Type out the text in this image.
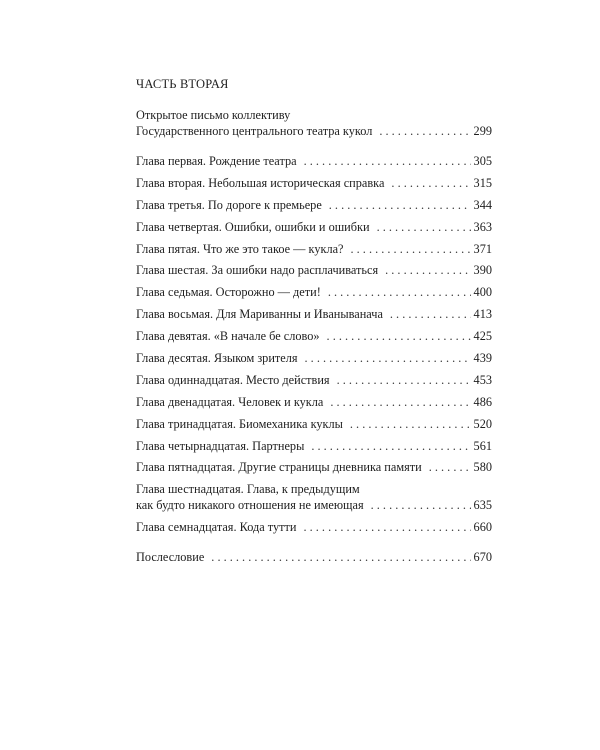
ЧАСТЬ ВТОРАЯ
Открытое письмо коллективу
Государственного центрального театра кукол . . .	299
Глава первая. Рождение театра . . .	305
Глава вторая. Небольшая историческая справка . . .	315
Глава третья. По дороге к премьере . . .	344
Глава четвертая. Ошибки, ошибки и ошибки . . .	363
Глава пятая. Что же это такое — кукла? . . .	371
Глава шестая. За ошибки надо расплачиваться . . .	390
Глава седьмая. Осторожно — дети! . . .	400
Глава восьмая. Для Мариванны и Иваныванача . . .	413
Глава девятая. «В начале бе слово» . . .	425
Глава десятая. Языком зрителя . . .	439
Глава одиннадцатая. Место действия . . .	453
Глава двенадцатая. Человек и кукла . . .	486
Глава тринадцатая. Биомеханика куклы . . .	520
Глава четырнадцатая. Партнеры . . .	561
Глава пятнадцатая. Другие страницы дневника памяти . . .	580
Глава шестнадцатая. Глава, к предыдущим
как будто никакого отношения не имеющая . . .	635
Глава семнадцатая. Кода тутти . . .	660
Послесловие . . .	670
